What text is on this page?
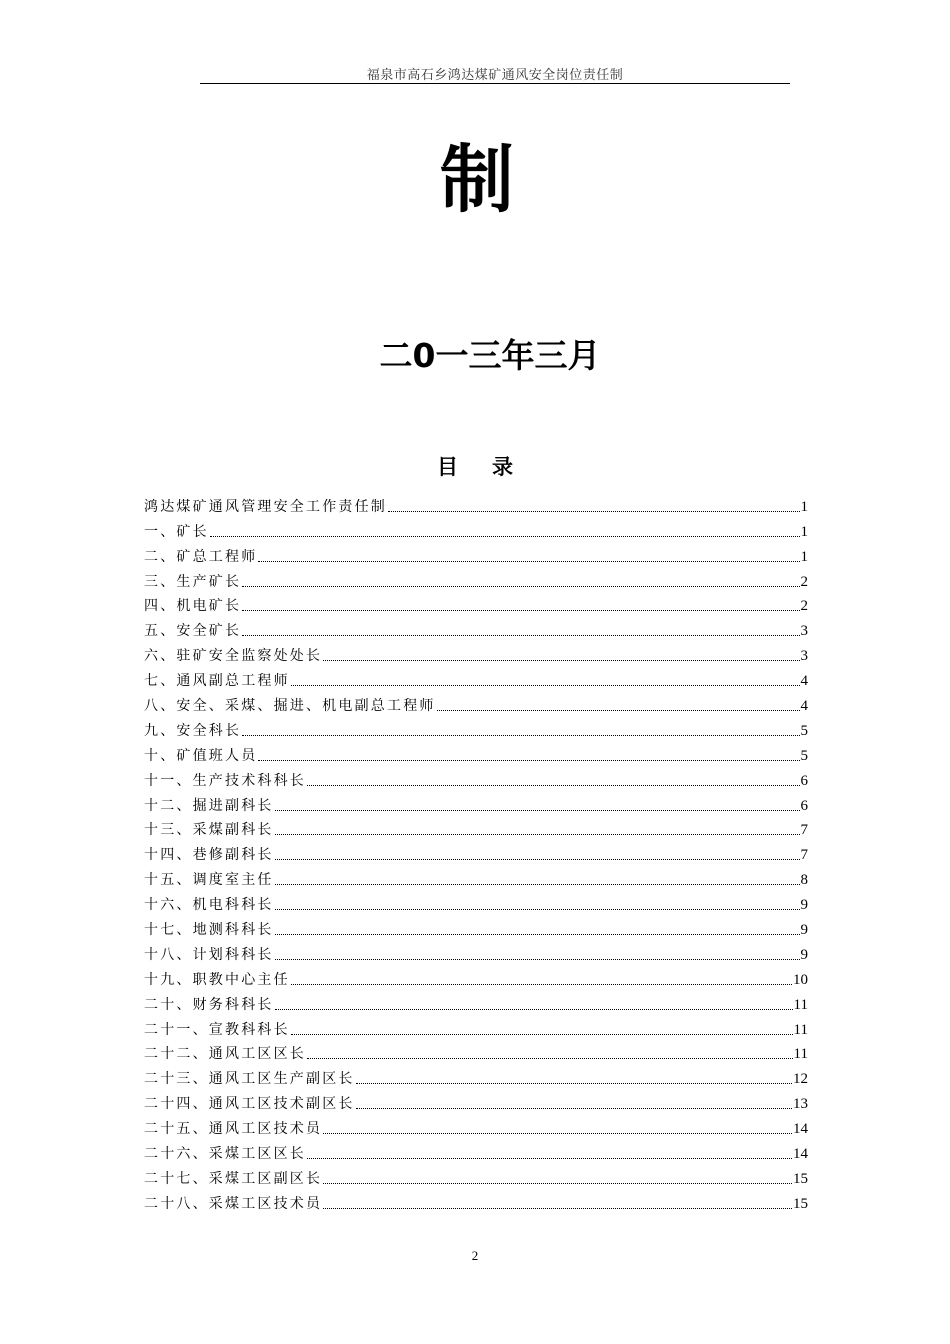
福泉市高石乡鸿达煤矿通风安全岗位责任制
制
二0一三年三月
目录
鸿达煤矿通风管理安全工作责任制	1
一、矿长	1
二、矿总工程师	1
三、生产矿长	2
四、机电矿长	2
五、安全矿长	3
六、驻矿安全监察处处长	3
七、通风副总工程师	4
八、安全、采煤、掘进、机电副总工程师	4
九、安全科长	5
十、矿值班人员	5
十一、生产技术科科长	6
十二、掘进副科长	6
十三、采煤副科长	7
十四、巷修副科长	7
十五、调度室主任	8
十六、机电科科长	9
十七、地测科科长	9
十八、计划科科长	9
十九、职教中心主任	10
二十、财务科科长	11
二十一、宣教科科长	11
二十二、通风工区区长	11
二十三、通风工区生产副区长	12
二十四、通风工区技术副区长	13
二十五、通风工区技术员	14
二十六、采煤工区区长	14
二十七、采煤工区副区长	15
二十八、采煤工区技术员	15
2
